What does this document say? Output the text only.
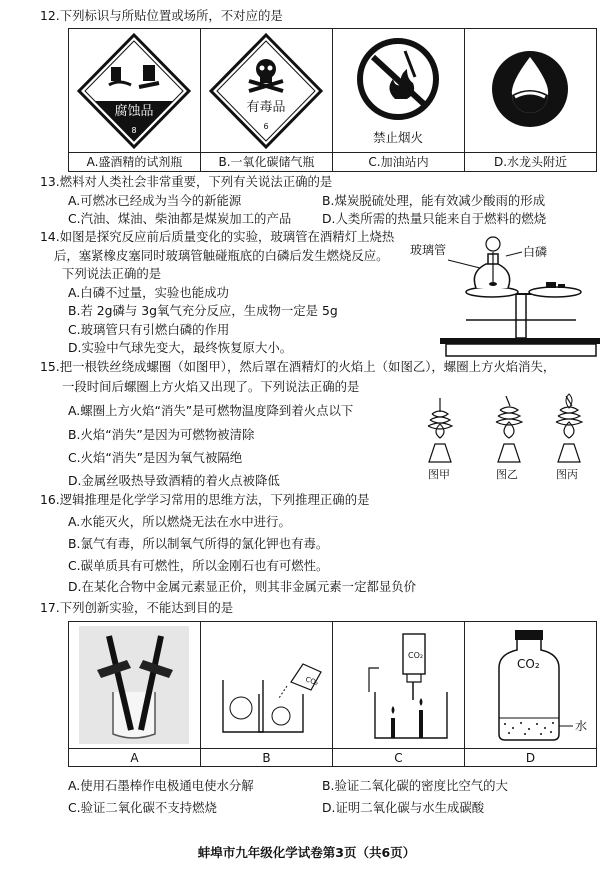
12.下列标识与所贴位置或场所，不对应的是
腐蚀品
8
有毒品
6
禁止烟火
A.盛酒精的试剂瓶	B.一氧化碳储气瓶	C.加油站内	D.水龙头附近
13.燃料对人类社会非常重要，下列有关说法正确的是
A.可燃冰已经成为当今的新能源	B.煤炭脱硫处理，能有效减少酸雨的形成
C.汽油、煤油、柴油都是煤炭加工的产品 D.人类所需的热量只能来自于燃料的燃烧
14.如图是探究反应前后质量变化的实验，玻璃管在酒精灯上烧热
后，塞紧橡皮塞同时玻璃管触碰瓶底的白磷后发生燃烧反应。
下列说法正确的是
A.白磷不过量，实验也能成功
B.若 2g磷与 3g氧气充分反应，生成物一定是 5g
C.玻璃管只有引燃白磷的作用
D.实验中气球先变大，最终恢复原大小。
玻璃管	白磷
15.把一根铁丝绕成螺圈（如图甲），然后罩在酒精灯的火焰上（如图乙），螺圈上方火焰消失，
一段时间后螺圈上方火焰又出现了。下列说法正确的是
A.螺圈上方火焰“消失”是可燃物温度降到着火点以下
B.火焰“消失”是因为可燃物被清除
C.火焰“消失”是因为氧气被隔绝
D.金属丝吸热导致酒精的着火点被降低	图甲	图乙	图丙
16.逻辑推理是化学学习常用的思维方法，下列推理正确的是
A.水能灭火，所以燃烧无法在水中进行。
B.氯气有毒，所以制氧气所得的氯化钾也有毒。
C.碳单质具有可燃性，所以金刚石也有可燃性。
D.在某化合物中金属元素显正价，则其非金属元素一定都显负价
17.下列创新实验，不能达到目的是
CO₂
CO₂
CO₂
水
A	B	C	D
A.使用石墨棒作电极通电使水分解	B.验证二氧化碳的密度比空气的大
C.验证二氧化碳不支持燃烧	D.证明二氧化碳与水生成碳酸
蚌埠市九年级化学试卷第3页（共6页）
